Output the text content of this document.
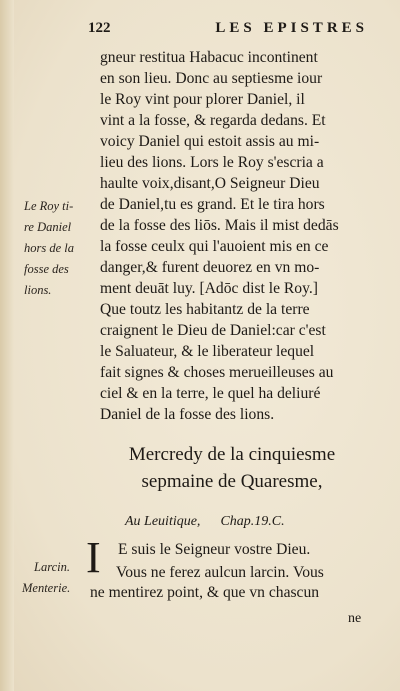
122	LES EPISTRES
gneur restitua Habacuc incontinent
en son lieu. Donc au septiesme iour
le Roy vint pour plorer Daniel, il
vint a la fosse, & regarda dedans. Et
voicy Daniel qui estoit assis au mi-
lieu des lions. Lors le Roy s'escria a
haulte voix,disant,O Seigneur Dieu
de Daniel,tu es grand. Et le tira hors
de la fosse des liōs. Mais il mist dedās
la fosse ceulx qui l'auoient mis en ce
danger,& furent deuorez en vn mo-
ment deuāt luy. [Adōc dist le Roy.]
Que toutz les habitantz de la terre
craignent le Dieu de Daniel:car c'est
le Saluateur, & le liberateur lequel
fait signes & choses merueilleuses au
ciel & en la terre, le quel ha deliuré
Daniel de la fosse des lions.
Le Roy ti-
re Daniel
hors de la
fosse des
lions.
Mercredy de la cinquiesme
sepmaine de Quaresme,
Au Leuitique, Chap.19.C.
I E suis le Seigneur vostre Dieu.
Vous ne ferez aulcun larcin. Vous
ne mentirez point, & que vn chascun
Larcin.
Menterie.
ne
